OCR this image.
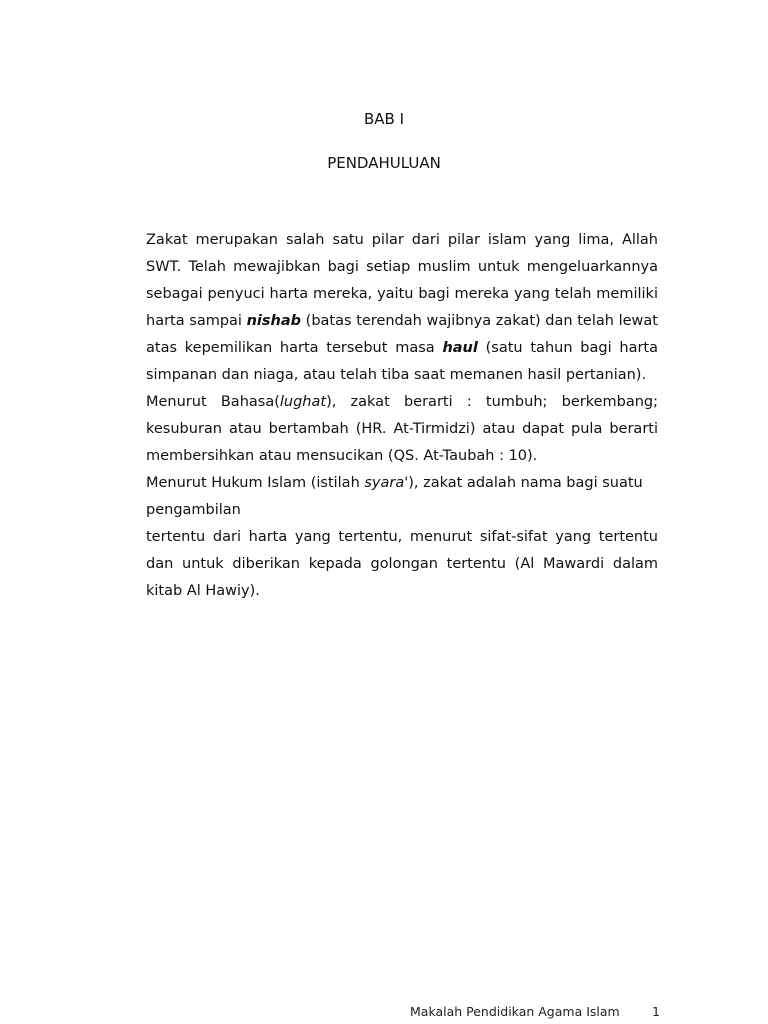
BAB I
PENDAHULUAN

Zakat merupakan salah satu pilar dari pilar islam yang lima, Allah SWT. Telah mewajibkan bagi setiap muslim untuk mengeluarkannya sebagai penyuci harta mereka, yaitu bagi mereka yang telah memiliki harta sampai nishab (batas terendah wajibnya zakat) dan telah lewat atas kepemilikan harta tersebut masa haul (satu tahun bagi harta simpanan dan niaga, atau telah tiba saat memanen hasil pertanian).

Menurut Bahasa(lughat), zakat berarti : tumbuh; berkembang; kesuburan atau bertambah (HR. At-Tirmidzi) atau dapat pula berarti membersihkan atau mensucikan (QS. At-Taubah : 10).

Menurut Hukum Islam (istilah syara'), zakat adalah nama bagi suatu pengambilan

tertentu dari harta yang tertentu, menurut sifat-sifat yang tertentu dan untuk diberikan kepada golongan tertentu (Al Mawardi dalam kitab Al Hawiy).

Makalah Pendidikan Agama Islam	1
